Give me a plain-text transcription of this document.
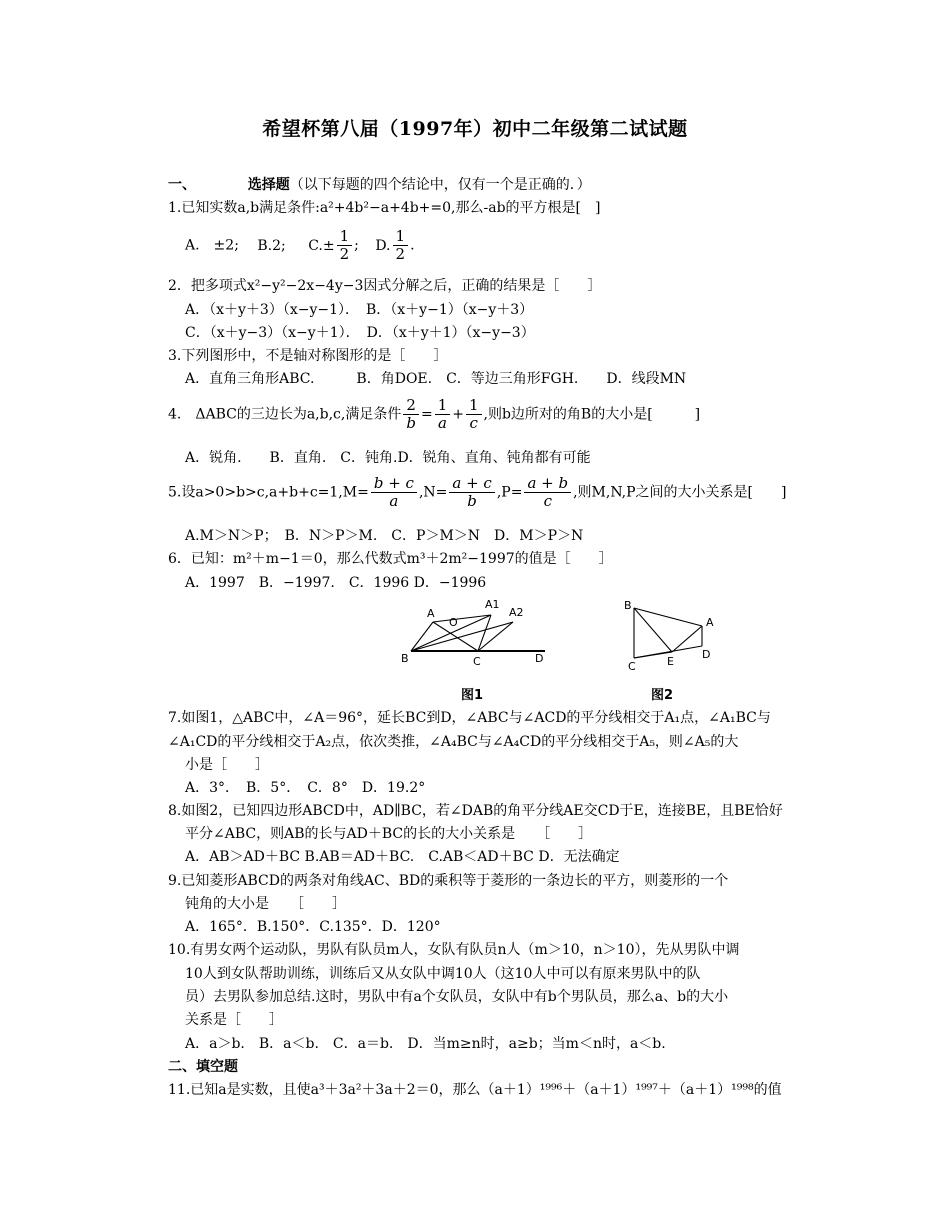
希望杯第八届（1997年）初中二年级第二试试题
一、	选择题（以下每题的四个结论中，仅有一个是正确的．）
1.已知实数a,b满足条件:a²+4b²−a+4b+=0,那么-ab的平方根是[　]
A.　±2; B.2; $C.\pm \frac{1}{2}$ ; D. $\frac{1}{2}$ .
2．把多项式x²−y²−2x−4y−3因式分解之后，正确的结果是［　　］
A．（x＋y＋3）（x−y−1）．　B．（x＋y−1）（x−y＋3）
C．（x＋y−3）（x−y＋1）．　D．（x＋y＋1）（x−y−3）
3.下列图形中，不是轴对称图形的是［　　］
A．直角三角形ABC.　　　B．角DOE.　C．等边三角形FGH.　　D．线段MN
4.　ΔABC的三边长为a,b,c,满足条件 $\frac{2}{b} = \frac{1}{a} + \frac{1}{c}$ ,则b边所对的角B的大小是[　　　]
A．锐角.　　B．直角.　C．钝角.D．锐角、直角、钝角都有可能
5.设$a>0>b>c,a+b+c=1,M= \frac{b + c}{a} ,N= \frac{a + c}{b} ,P= \frac{a + b}{c}$ ,则M,N,P之间的大小关系是[　　]
A.M＞N＞P；　B．N＞P＞M.　C．P＞M＞N　D．M＞P＞N
6．已知：m²＋m−1＝0，那么代数式m³＋2m²−1997的值是［　　］
A．1997　B．−1997.　C．1996 D．−1996
A
O
A1
A2
B	C	D
图1
B
A
C	E
D
图2
7.如图1，△ABC中，∠A＝96°，延长BC到D，∠ABC与∠ACD的平分线相交于A₁点，∠A₁BC与
∠A₁CD的平分线相交于A₂点，依次类推，∠A₄BC与∠A₄CD的平分线相交于A₅，则∠A₅的大
小是［　　］
A．3°．　B．5°．　C．8°　D．19.2°
8.如图2，已知四边形ABCD中，AD∥BC，若∠DAB的角平分线AE交CD于E，连接BE，且BE恰好
平分∠ABC，则AB的长与AD＋BC的长的大小关系是　　［　　］
A．AB＞AD＋BC B.AB＝AD＋BC.　C.AB＜AD＋BC D．无法确定
9.已知菱形ABCD的两条对角线AC、BD的乘积等于菱形的一条边长的平方，则菱形的一个
钝角的大小是　　［　　］
A．165°．B.150°．C.135°．D．120°
10.有男女两个运动队，男队有队员m人，女队有队员n人（m＞10，n＞10），先从男队中调
10人到女队帮助训练，训练后又从女队中调10人（这10人中可以有原来男队中的队
员）去男队参加总结.这时，男队中有a个女队员，女队中有b个男队员，那么a、b的大小
关系是［　　］
A．a＞b.　B．a＜b.　C．a＝b.　D．当m≥n时，a≥b；当m＜n时，a＜b.
二、填空题
11.已知a是实数，且使a³＋3a²＋3a＋2＝0，那么（a＋1）¹⁹⁹⁶＋（a＋1）¹⁹⁹⁷＋（a＋1）¹⁹⁹⁸的值
